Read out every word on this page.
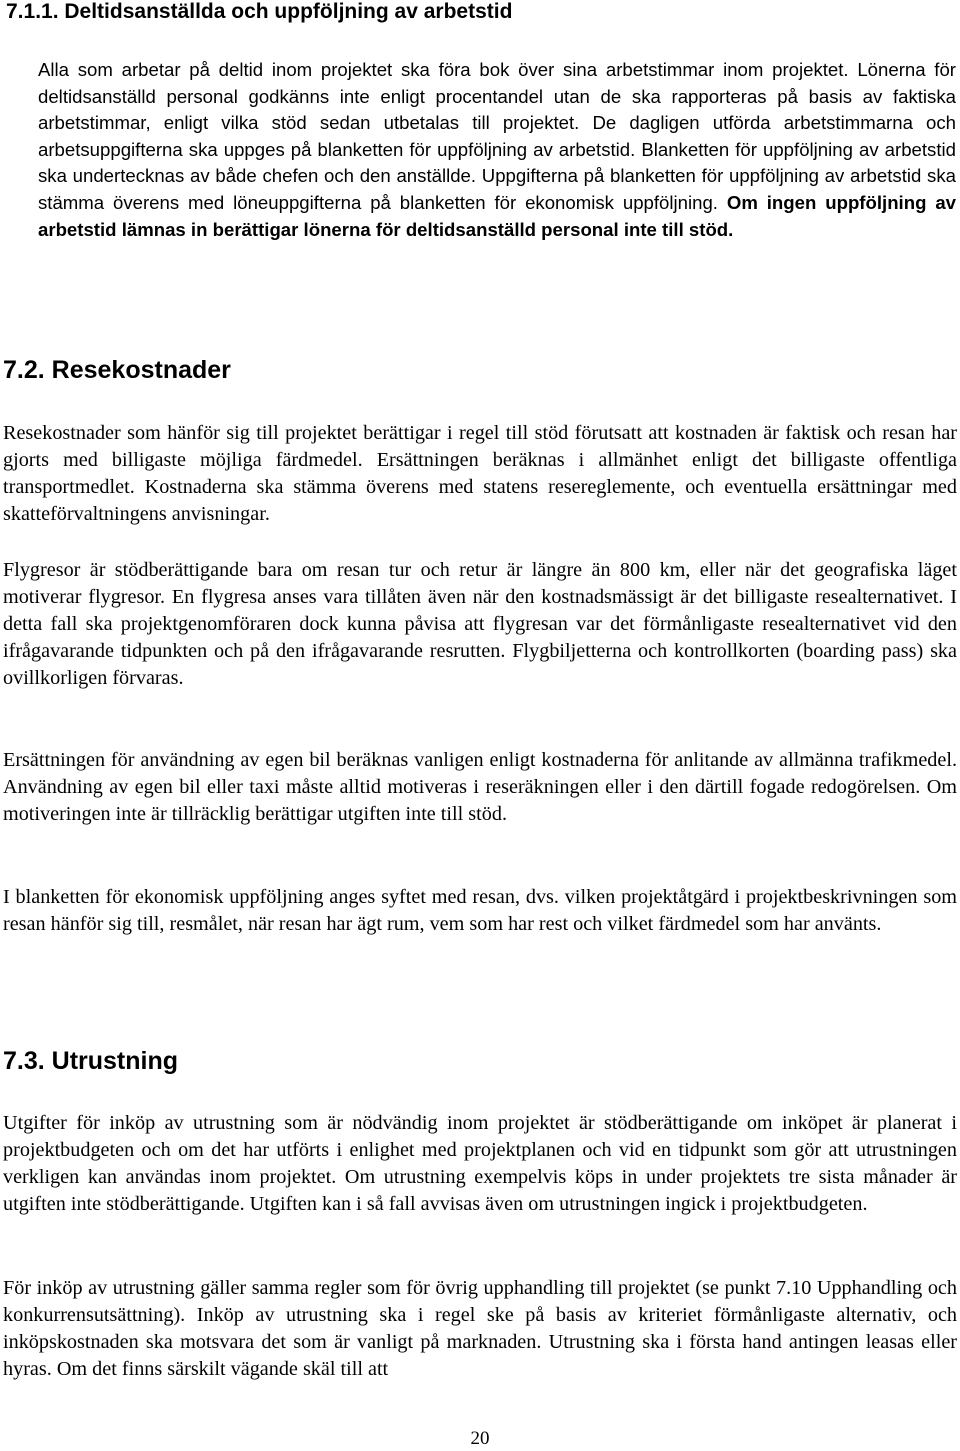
7.1.1. Deltidsanställda och uppföljning av arbetstid

Alla som arbetar på deltid inom projektet ska föra bok över sina arbetstimmar inom projektet. Lönerna för deltidsanställd personal godkänns inte enligt procentandel utan de ska rapporteras på basis av faktiska arbetstimmar, enligt vilka stöd sedan utbetalas till projektet. De dagligen utförda arbetstimmarna och arbetsuppgifterna ska uppges på blanketten för uppföljning av arbetstid. Blanketten för uppföljning av arbetstid ska undertecknas av både chefen och den anställde. Uppgifterna på blanketten för uppföljning av arbetstid ska stämma överens med löneuppgifterna på blanketten för ekonomisk uppföljning. Om ingen uppföljning av arbetstid lämnas in berättigar lönerna för deltidsanställd personal inte till stöd.

7.2. Resekostnader

Resekostnader som hänför sig till projektet berättigar i regel till stöd förutsatt att kostnaden är faktisk och resan har gjorts med billigaste möjliga färdmedel. Ersättningen beräknas i allmänhet enligt det billigaste offentliga transportmedlet. Kostnaderna ska stämma överens med statens resereglemente, och eventuella ersättningar med skatteförvaltningens anvisningar.

Flygresor är stödberättigande bara om resan tur och retur är längre än 800 km, eller när det geografiska läget motiverar flygresor. En flygresa anses vara tillåten även när den kostnadsmässigt är det billigaste resealternativet. I detta fall ska projektgenomföraren dock kunna påvisa att flygresan var det förmånligaste resealternativet vid den ifrågavarande tidpunkten och på den ifrågavarande resrutten. Flygbiljetterna och kontrollkorten (boarding pass) ska ovillkorligen förvaras.

Ersättningen för användning av egen bil beräknas vanligen enligt kostnaderna för anlitande av allmänna trafikmedel. Användning av egen bil eller taxi måste alltid motiveras i reseräkningen eller i den därtill fogade redogörelsen. Om motiveringen inte är tillräcklig berättigar utgiften inte till stöd.

I blanketten för ekonomisk uppföljning anges syftet med resan, dvs. vilken projektåtgärd i projektbeskrivningen som resan hänför sig till, resmålet, när resan har ägt rum, vem som har rest och vilket färdmedel som har använts.

7.3. Utrustning

Utgifter för inköp av utrustning som är nödvändig inom projektet är stödberättigande om inköpet är planerat i projektbudgeten och om det har utförts i enlighet med projektplanen och vid en tidpunkt som gör att utrustningen verkligen kan användas inom projektet. Om utrustning exempelvis köps in under projektets tre sista månader är utgiften inte stödberättigande. Utgiften kan i så fall avvisas även om utrustningen ingick i projektbudgeten.

För inköp av utrustning gäller samma regler som för övrig upphandling till projektet (se punkt 7.10 Upphandling och konkurrensutsättning). Inköp av utrustning ska i regel ske på basis av kriteriet förmånligaste alternativ, och inköpskostnaden ska motsvara det som är vanligt på marknaden. Utrustning ska i första hand antingen leasas eller hyras. Om det finns särskilt vägande skäl till att

20
